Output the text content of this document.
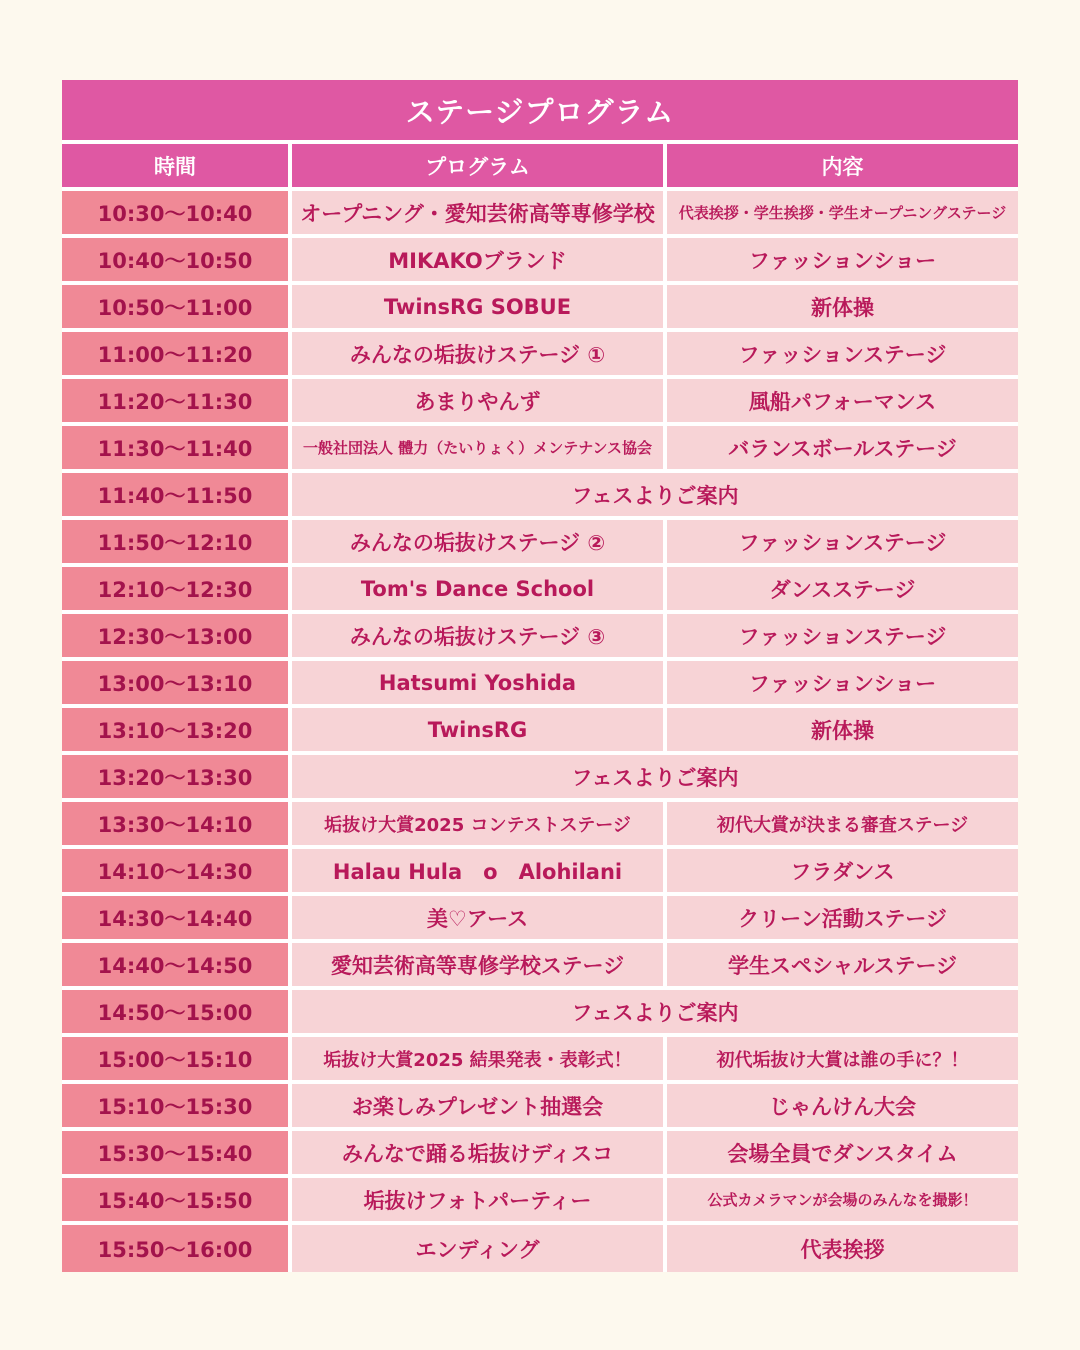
ステージプログラム		
時間	プログラム	内容
10:30〜10:40	オープニング・愛知芸術高等専修学校	代表挨拶・学生挨拶・学生オープニングステージ
10:40〜10:50	MIKAKOブランド	ファッションショー
10:50〜11:00	TwinsRG SOBUE	新体操
11:00〜11:20	みんなの垢抜けステージ ①	ファッションステージ
11:20〜11:30	あまりやんず	風船パフォーマンス
11:30〜11:40	一般社団法人 體力（たいりょく）メンテナンス協会	バランスボールステージ
11:40〜11:50	フェスよりご案内	
11:50〜12:10	みんなの垢抜けステージ ②	ファッションステージ
12:10〜12:30	Tom's Dance School	ダンスステージ
12:30〜13:00	みんなの垢抜けステージ ③	ファッションステージ
13:00〜13:10	Hatsumi Yoshida	ファッションショー
13:10〜13:20	TwinsRG	新体操
13:20〜13:30	フェスよりご案内	
13:30〜14:10	垢抜け大賞2025 コンテストステージ	初代大賞が決まる審査ステージ
14:10〜14:30	Halau Hula　o　Alohilani	フラダンス
14:30〜14:40	美♡アース	クリーン活動ステージ
14:40〜14:50	愛知芸術高等専修学校ステージ	学生スペシャルステージ
14:50〜15:00	フェスよりご案内	
15:00〜15:10	垢抜け大賞2025 結果発表・表彰式！	初代垢抜け大賞は誰の手に？！
15:10〜15:30	お楽しみプレゼント抽選会	じゃんけん大会
15:30〜15:40	みんなで踊る垢抜けディスコ	会場全員でダンスタイム
15:40〜15:50	垢抜けフォトパーティー	公式カメラマンが会場のみんなを撮影！
15:50〜16:00	エンディング	代表挨拶
